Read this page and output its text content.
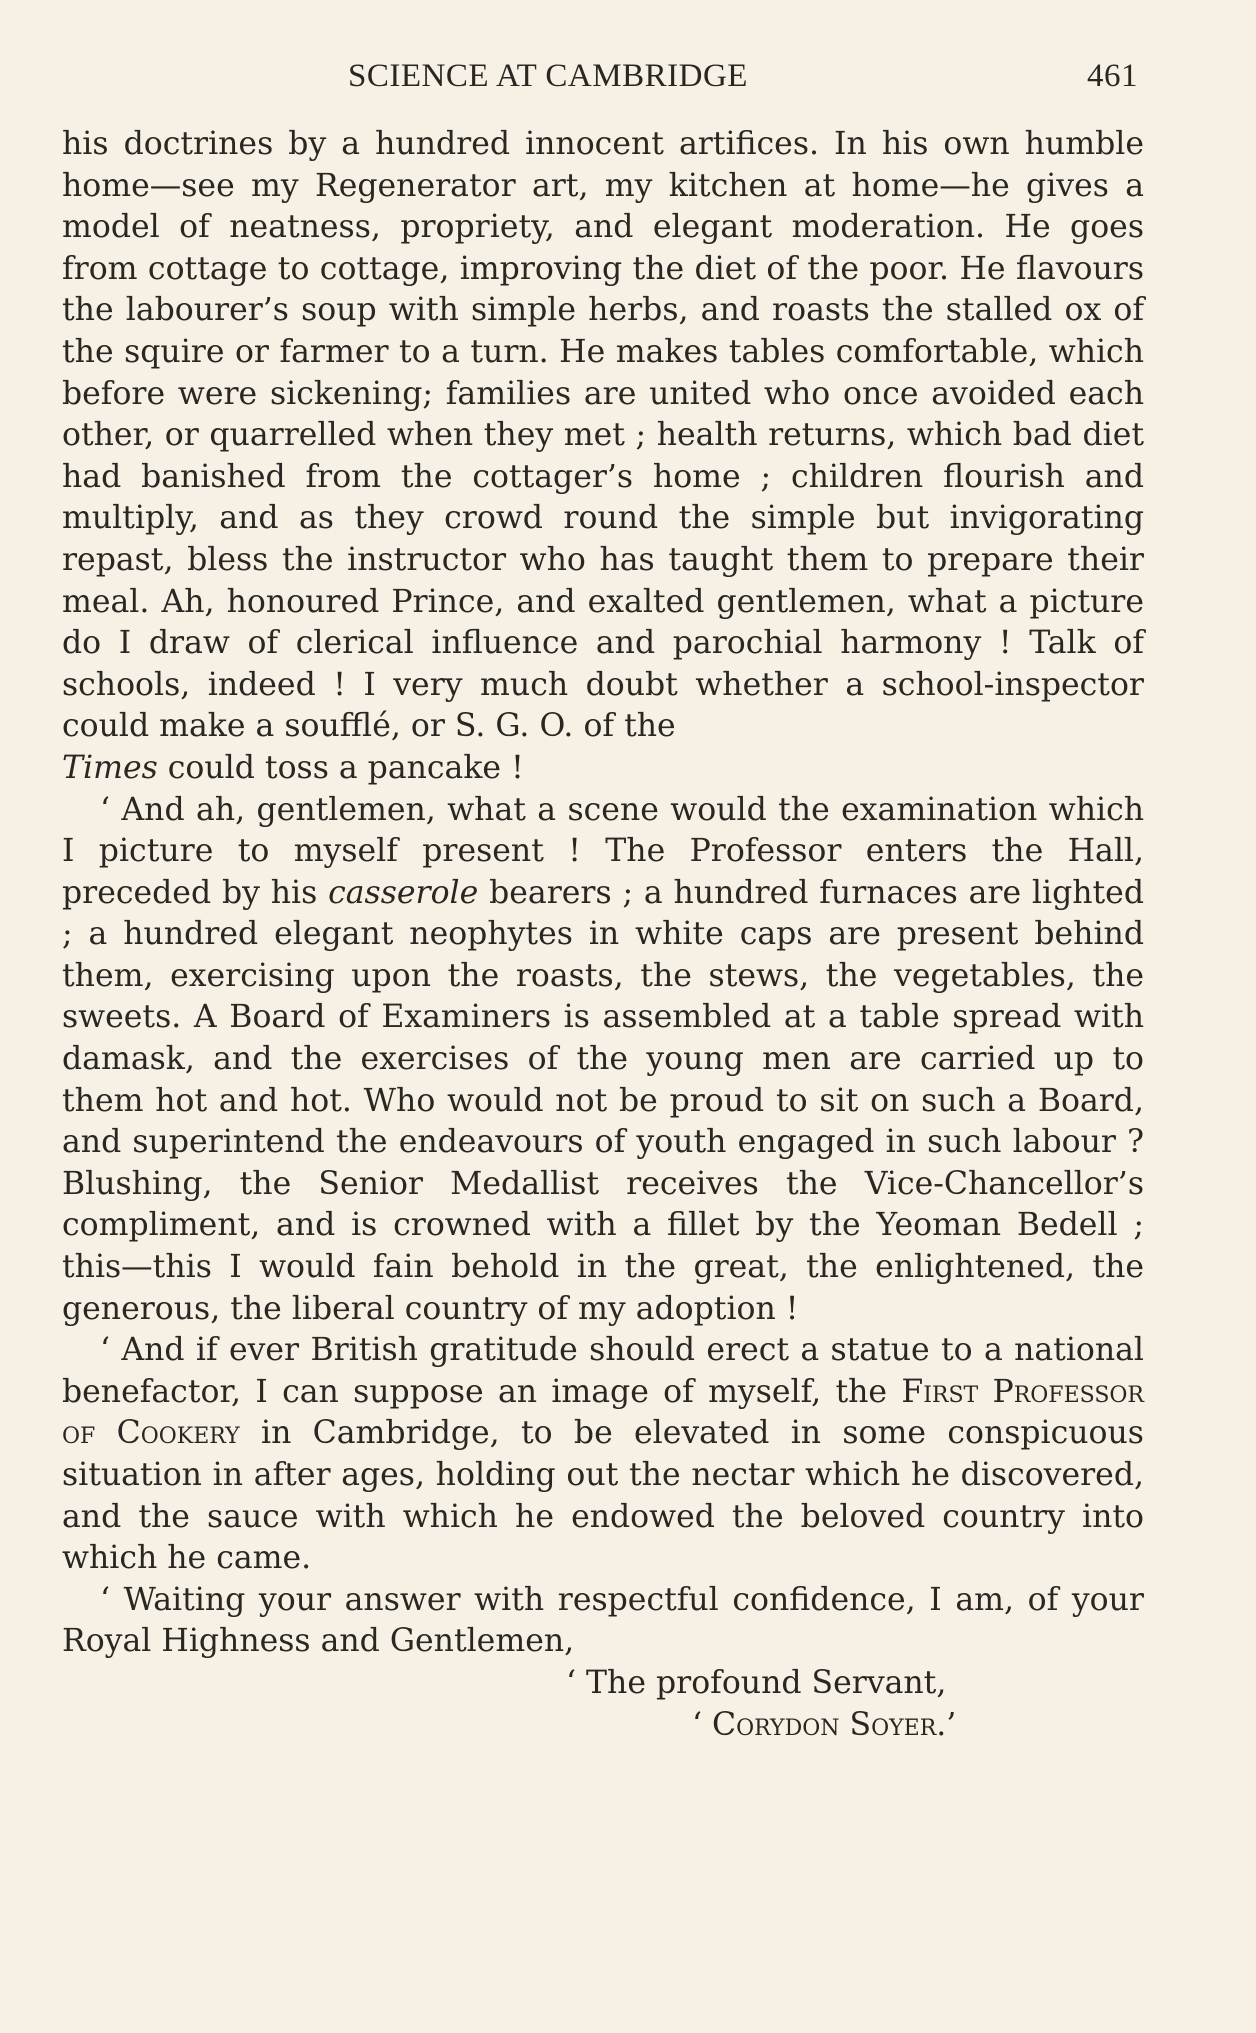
SCIENCE AT CAMBRIDGE	461

his doctrines by a hundred innocent artifices. In his own humble home—see my Regenerator art, my kitchen at home—he gives a model of neatness, propriety, and elegant moderation. He goes from cottage to cottage, improving the diet of the poor. He flavours the labourer’s soup with simple herbs, and roasts the stalled ox of the squire or farmer to a turn. He makes tables comfortable, which before were sickening; families are united who once avoided each other, or quarrelled when they met ; health returns, which bad diet had banished from the cottager’s home ; children flourish and multiply, and as they crowd round the simple but invigorating repast, bless the instructor who has taught them to prepare their meal. Ah, honoured Prince, and exalted gentlemen, what a picture do I draw of clerical influence and parochial harmony ! Talk of schools, indeed ! I very much doubt whether a school-inspector could make a soufflé, or S. G. O. of the
Times could toss a pancake !

‘ And ah, gentlemen, what a scene would the examination which I picture to myself present ! The Professor enters the Hall, preceded by his casserole bearers ; a hundred furnaces are lighted ; a hundred elegant neophytes in white caps are present behind them, exercising upon the roasts, the stews, the vegetables, the sweets. A Board of Examiners is assembled at a table spread with damask, and the exercises of the young men are carried up to them hot and hot. Who would not be proud to sit on such a Board, and superintend the endeavours of youth engaged in such labour ? Blushing, the Senior Medallist receives the Vice-Chancellor’s compliment, and is crowned with a fillet by the Yeoman Bedell ; this—this I would fain behold in the great, the enlightened, the generous, the liberal country of my adoption !

‘ And if ever British gratitude should erect a statue to a national benefactor, I can suppose an image of myself, the First Professor of Cookery in Cambridge, to be elevated in some conspicuous situation in after ages, holding out the nectar which he discovered, and the sauce with which he endowed the beloved country into which he came.

‘ Waiting your answer with respectful confidence, I am, of your Royal Highness and Gentlemen,

‘ The profound Servant,
‘ Corydon Soyer.’
